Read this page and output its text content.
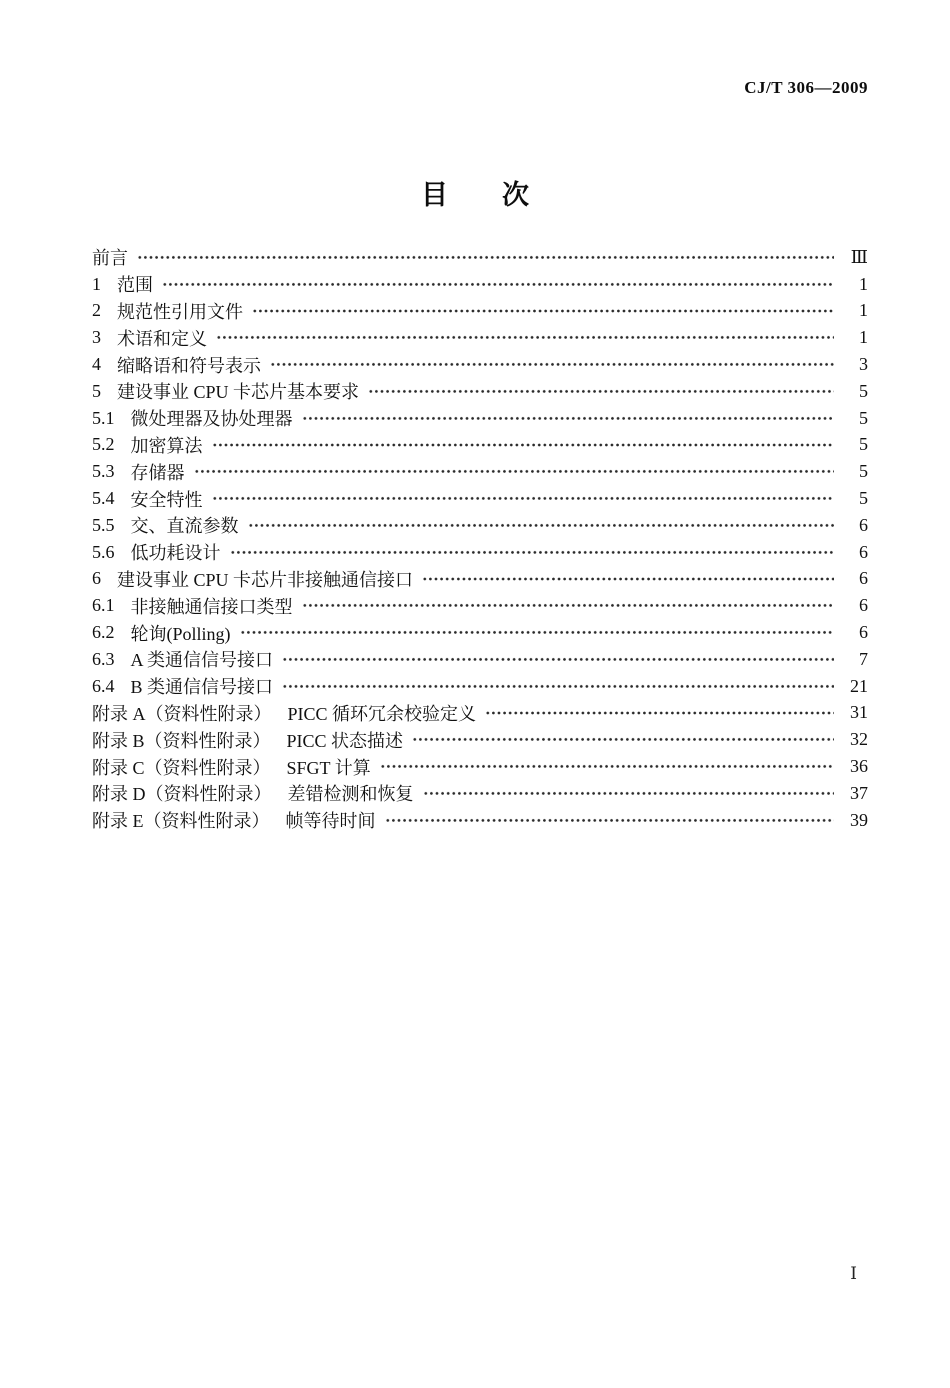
CJ/T 306—2009
目　　次
前言	Ⅲ
1 范围	1
2 规范性引用文件	1
3 术语和定义	1
4 缩略语和符号表示	3
5 建设事业 CPU 卡芯片基本要求	5
5.1 微处理器及协处理器	5
5.2 加密算法	5
5.3 存储器	5
5.4 安全特性	5
5.5 交、直流参数	6
5.6 低功耗设计	6
6 建设事业 CPU 卡芯片非接触通信接口	6
6.1 非接触通信接口类型	6
6.2 轮询(Polling)	6
6.3 A 类通信信号接口	7
6.4 B 类通信信号接口	21
附录 A（资料性附录） PICC 循环冗余校验定义	31
附录 B（资料性附录） PICC 状态描述	32
附录 C（资料性附录） SFGT 计算	36
附录 D（资料性附录） 差错检测和恢复	37
附录 E（资料性附录） 帧等待时间	39
Ⅰ
